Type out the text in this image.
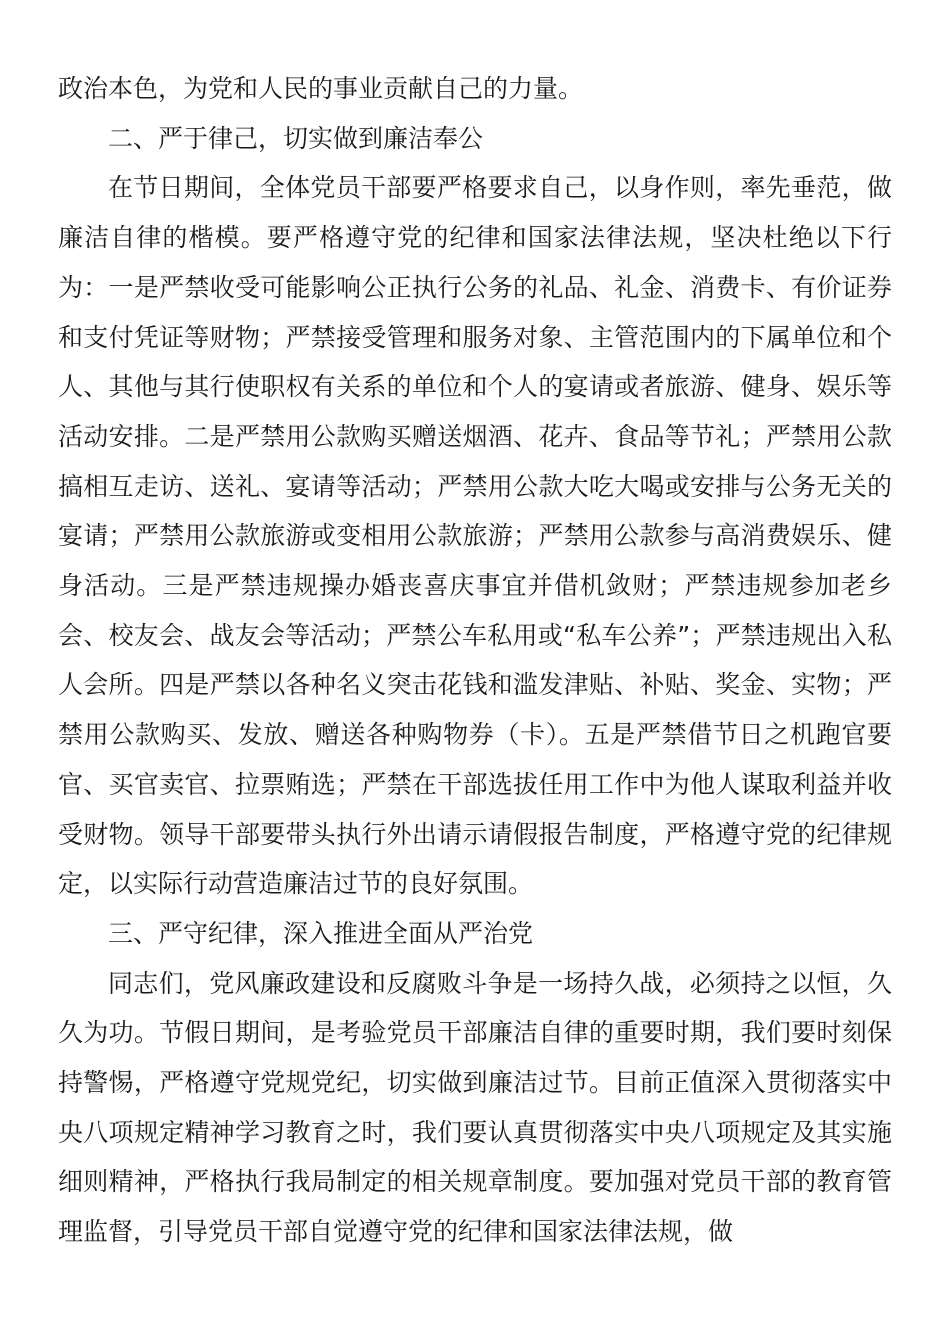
政治本色，为党和人民的事业贡献自己的力量。

二、严于律己，切实做到廉洁奉公

在节日期间，全体党员干部要严格要求自己，以身作则，率先垂范，做廉洁自律的楷模。要严格遵守党的纪律和国家法律法规，坚决杜绝以下行为：一是严禁收受可能影响公正执行公务的礼品、礼金、消费卡、有价证券和支付凭证等财物；严禁接受管理和服务对象、主管范围内的下属单位和个人、其他与其行使职权有关系的单位和个人的宴请或者旅游、健身、娱乐等活动安排。二是严禁用公款购买赠送烟酒、花卉、食品等节礼；严禁用公款搞相互走访、送礼、宴请等活动；严禁用公款大吃大喝或安排与公务无关的宴请；严禁用公款旅游或变相用公款旅游；严禁用公款参与高消费娱乐、健身活动。三是严禁违规操办婚丧喜庆事宜并借机敛财；严禁违规参加老乡会、校友会、战友会等活动；严禁公车私用或“私车公养”；严禁违规出入私人会所。四是严禁以各种名义突击花钱和滥发津贴、补贴、奖金、实物；严禁用公款购买、发放、赠送各种购物券（卡）。五是严禁借节日之机跑官要官、买官卖官、拉票贿选；严禁在干部选拔任用工作中为他人谋取利益并收受财物。领导干部要带头执行外出请示请假报告制度，严格遵守党的纪律规定，以实际行动营造廉洁过节的良好氛围。

三、严守纪律，深入推进全面从严治党

同志们，党风廉政建设和反腐败斗争是一场持久战，必须持之以恒，久久为功。节假日期间，是考验党员干部廉洁自律的重要时期，我们要时刻保持警惕，严格遵守党规党纪，切实做到廉洁过节。目前正值深入贯彻落实中央八项规定精神学习教育之时，我们要认真贯彻落实中央八项规定及其实施细则精神，严格执行我局制定的相关规章制度。要加强对党员干部的教育管理监督，引导党员干部自觉遵守党的纪律和国家法律法规，做
